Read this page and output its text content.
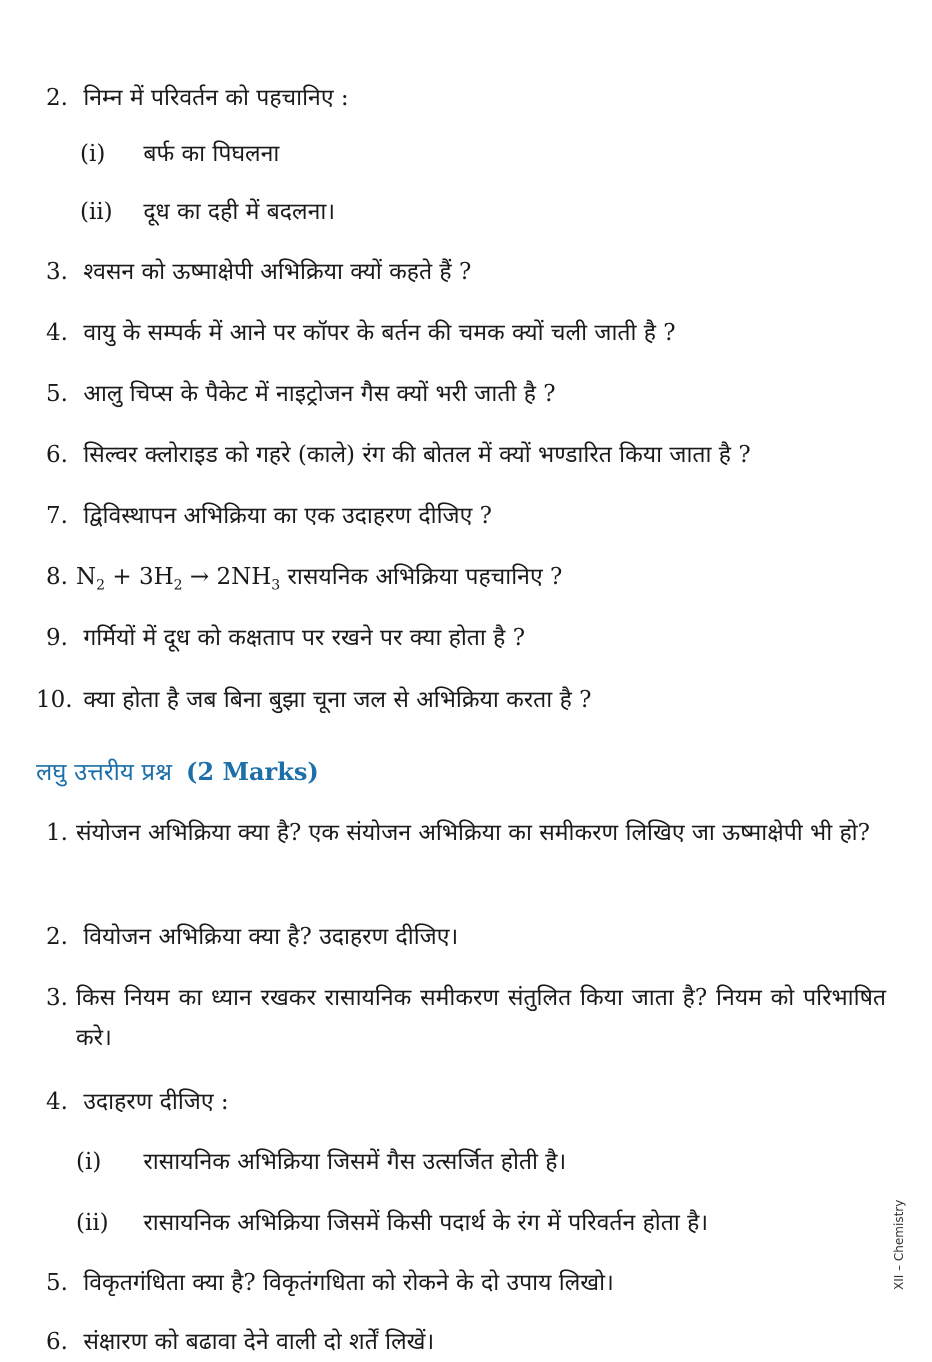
2. निम्न में परिवर्तन को पहचानिए :
(i) बर्फ का पिघलना
(ii) दूध का दही में बदलना।
3. श्वसन को ऊष्माक्षेपी अभिक्रिया क्यों कहते हैं ?
4. वायु के सम्पर्क में आने पर कॉपर के बर्तन की चमक क्यों चली जाती है ?
5. आलु चिप्स के पैकेट में नाइट्रोजन गैस क्यों भरी जाती है ?
6. सिल्वर क्लोराइड को गहरे (काले) रंग की बोतल में क्यों भण्डारित किया जाता है ?
7. द्विविस्थापन अभिक्रिया का एक उदाहरण दीजिए ?
8. $N_2 + 3H_2 \to 2NH_3$ रासयनिक अभिक्रिया पहचानिए ?
9. गर्मियों में दूध को कक्षताप पर रखने पर क्या होता है ?
10. क्या होता है जब बिना बुझा चूना जल से अभिक्रिया करता है ?
लघु उत्तरीय प्रश्न (2 Marks)
1. संयोजन अभिक्रिया क्या है? एक संयोजन अभिक्रिया का समीकरण लिखिए जा ऊष्माक्षेपी भी हो?
2. वियोजन अभिक्रिया क्या है? उदाहरण दीजिए।
3. किस नियम का ध्यान रखकर रासायनिक समीकरण संतुलित किया जाता है? नियम को परिभाषित करे।
4. उदाहरण दीजिए :
(i) रासायनिक अभिक्रिया जिसमें गैस उत्सर्जित होती है।
(ii) रासायनिक अभिक्रिया जिसमें किसी पदार्थ के रंग में परिवर्तन होता है।
5. विकृतगंधिता क्या है? विकृतंगधिता को रोकने के दो उपाय लिखो।
6. संक्षारण को बढावा देने वाली दो शर्तें लिखें।
XII – Chemistry
